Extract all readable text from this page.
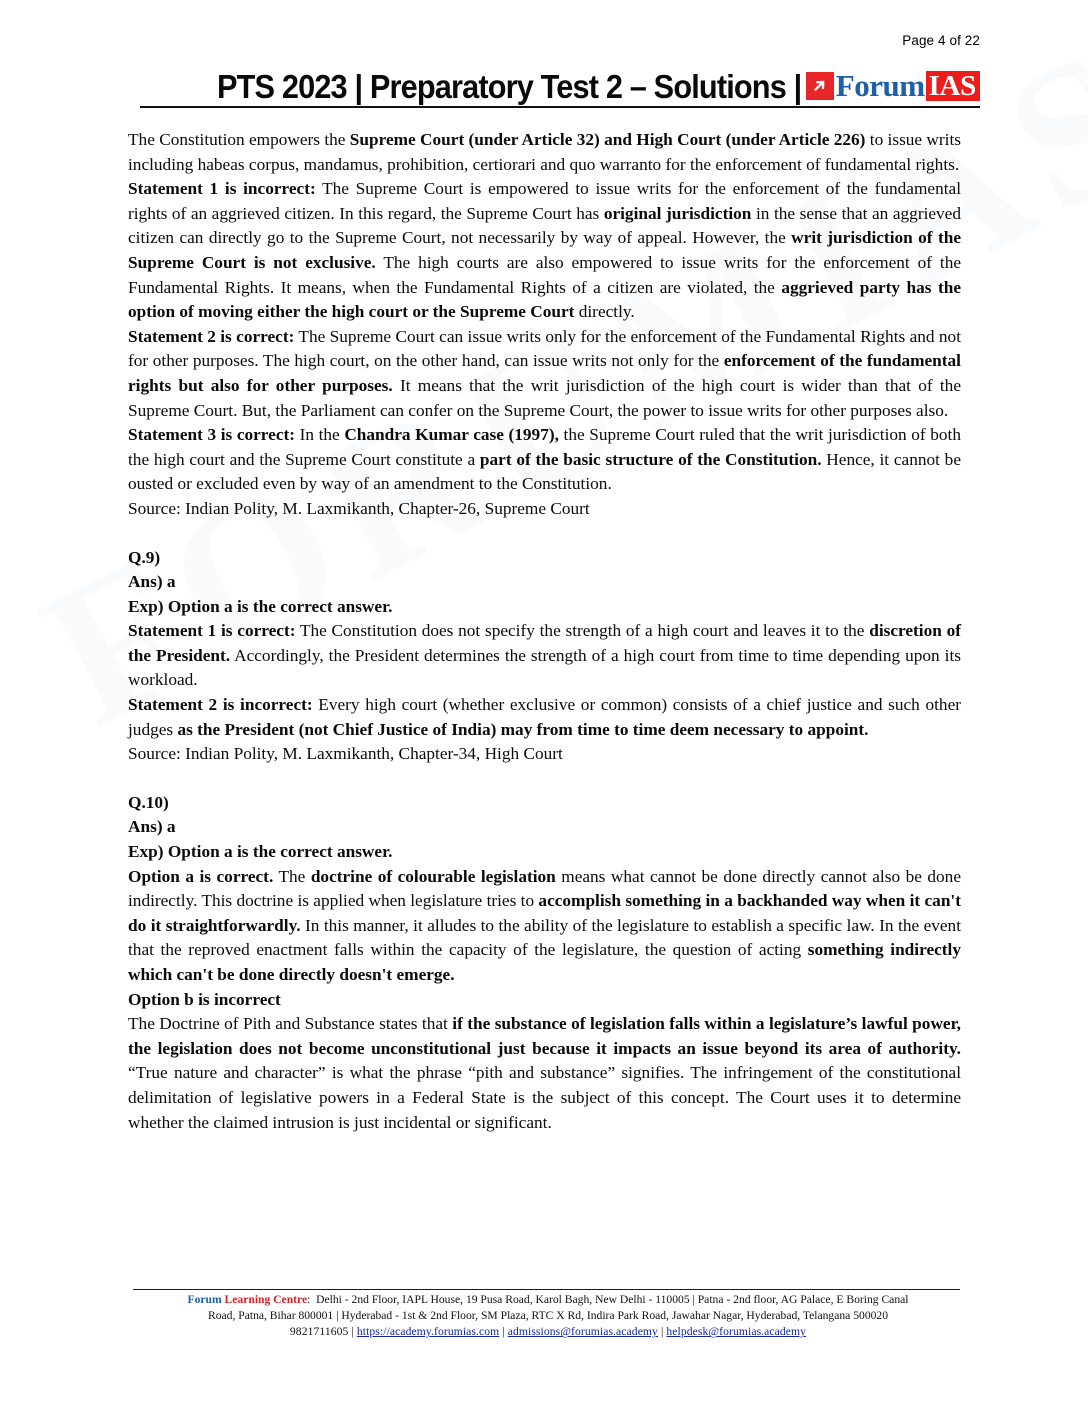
Page 4 of 22
PTS 2023 | Preparatory Test 2 – Solutions | Forum IAS

The Constitution empowers the Supreme Court (under Article 32) and High Court (under Article 226) to issue writs including habeas corpus, mandamus, prohibition, certiorari and quo warranto for the enforcement of fundamental rights.

Statement 1 is incorrect: The Supreme Court is empowered to issue writs for the enforcement of the fundamental rights of an aggrieved citizen. In this regard, the Supreme Court has original jurisdiction in the sense that an aggrieved citizen can directly go to the Supreme Court, not necessarily by way of appeal. However, the writ jurisdiction of the Supreme Court is not exclusive. The high courts are also empowered to issue writs for the enforcement of the Fundamental Rights. It means, when the Fundamental Rights of a citizen are violated, the aggrieved party has the option of moving either the high court or the Supreme Court directly.

Statement 2 is correct: The Supreme Court can issue writs only for the enforcement of the Fundamental Rights and not for other purposes. The high court, on the other hand, can issue writs not only for the enforcement of the fundamental rights but also for other purposes. It means that the writ jurisdiction of the high court is wider than that of the Supreme Court. But, the Parliament can confer on the Supreme Court, the power to issue writs for other purposes also.

Statement 3 is correct: In the Chandra Kumar case (1997), the Supreme Court ruled that the writ jurisdiction of both the high court and the Supreme Court constitute a part of the basic structure of the Constitution. Hence, it cannot be ousted or excluded even by way of an amendment to the Constitution.

Source: Indian Polity, M. Laxmikanth, Chapter-26, Supreme Court

Q.9)

Ans) a

Exp) Option a is the correct answer.

Statement 1 is correct: The Constitution does not specify the strength of a high court and leaves it to the discretion of the President. Accordingly, the President determines the strength of a high court from time to time depending upon its workload.

Statement 2 is incorrect: Every high court (whether exclusive or common) consists of a chief justice and such other judges as the President (not Chief Justice of India) may from time to time deem necessary to appoint.

Source: Indian Polity, M. Laxmikanth, Chapter-34, High Court

Q.10)

Ans) a

Exp) Option a is the correct answer.

Option a is correct. The doctrine of colourable legislation means what cannot be done directly cannot also be done indirectly. This doctrine is applied when legislature tries to accomplish something in a backhanded way when it can't do it straightforwardly. In this manner, it alludes to the ability of the legislature to establish a specific law. In the event that the reproved enactment falls within the capacity of the legislature, the question of acting something indirectly which can't be done directly doesn't emerge.

Option b is incorrect

The Doctrine of Pith and Substance states that if the substance of legislation falls within a legislature’s lawful power, the legislation does not become unconstitutional just because it impacts an issue beyond its area of authority. “True nature and character” is what the phrase “pith and substance” signifies. The infringement of the constitutional delimitation of legislative powers in a Federal State is the subject of this concept. The Court uses it to determine whether the claimed intrusion is just incidental or significant.

Forum Learning Centre: Delhi - 2nd Floor, IAPL House, 19 Pusa Road, Karol Bagh, New Delhi - 110005 | Patna - 2nd floor, AG Palace, E Boring Canal
Road, Patna, Bihar 800001 | Hyderabad - 1st & 2nd Floor, SM Plaza, RTC X Rd, Indira Park Road, Jawahar Nagar, Hyderabad, Telangana 500020
9821711605 | https://academy.forumias.com | admissions@forumias.academy | helpdesk@forumias.academy
